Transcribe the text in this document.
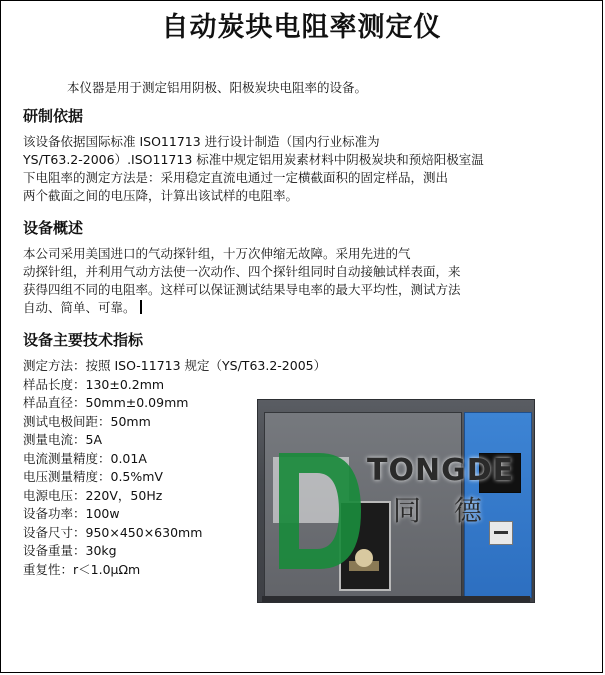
自动炭块电阻率测定仪
本仪器是用于测定铝用阴极、阳极炭块电阻率的设备。
研制依据
该设备依据国际标准 ISO11713 进行设计制造（国内行业标准为
YS/T63.2-2006）.ISO11713 标准中规定铝用炭素材料中阴极炭块和预焙阳极室温
下电阻率的测定方法是：采用稳定直流电通过一定横截面积的固定样品，测出
两个截面之间的电压降，计算出该试样的电阻率。
设备概述
本公司采用美国进口的气动探针组，十万次伸缩无故障。采用先进的气
动探针组，并利用气动方法使一次动作、四个探针组同时自动接触试样表面，来
获得四组不同的电阻率。这样可以保证测试结果导电率的最大平均性，测试方法
自动、简单、可靠。
设备主要技术指标
测定方法：按照 ISO-11713 规定（YS/T63.2-2005）
样品长度：130±0.2mm
样品直径：50mm±0.09mm
测试电极间距：50mm
测量电流：5A
电流测量精度：0.01A
电压测量精度：0.5%mV
电源电压：220V，50Hz
设备功率：100w
设备尺寸：950×450×630mm
设备重量：30kg
重复性：r＜1.0μΩm
TONGDE
同 德
